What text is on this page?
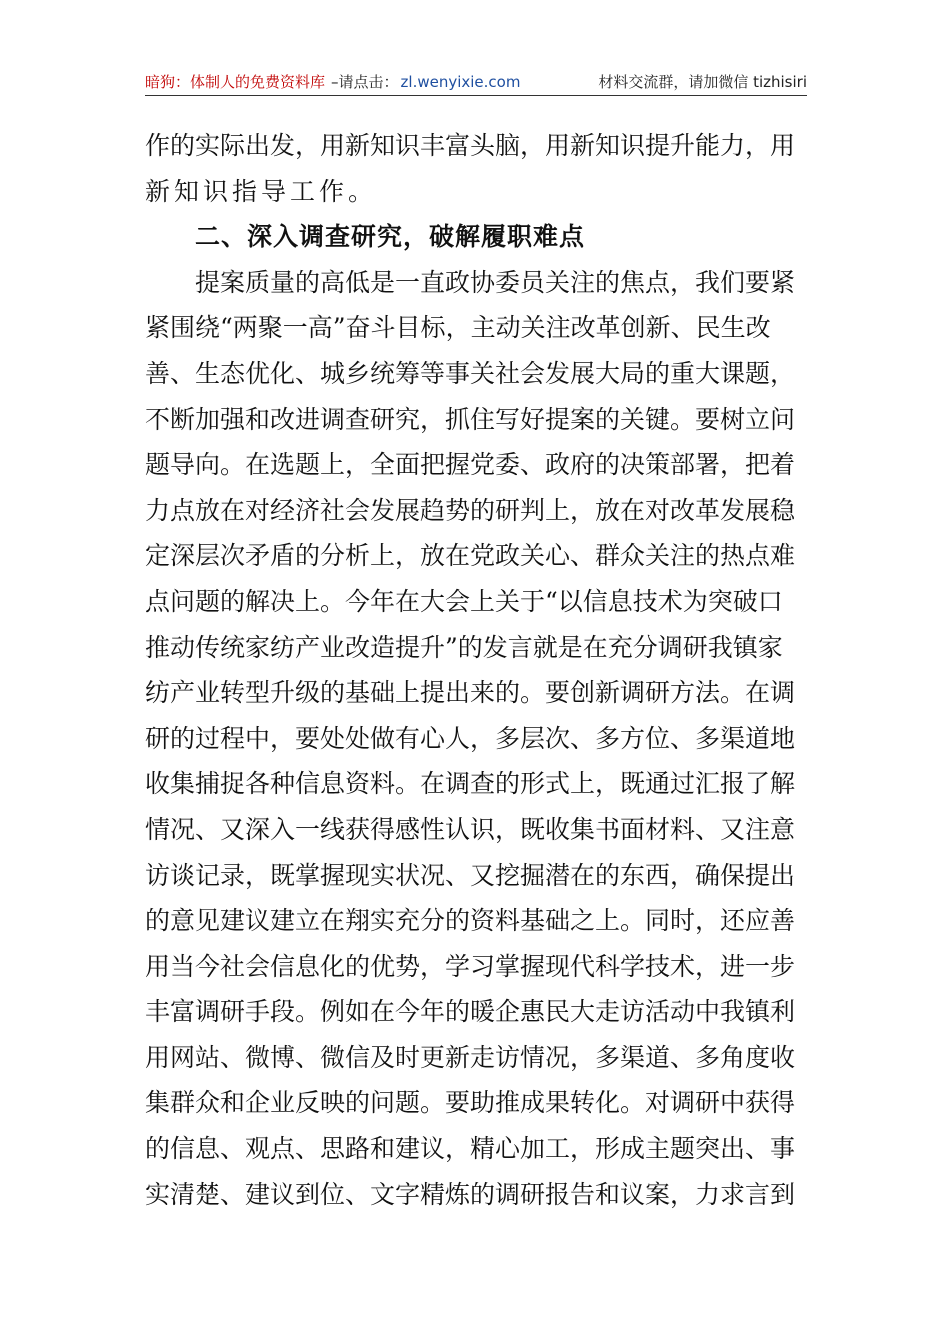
暗狗：体制人的免费资料库 –请点击： zl.wenyixie.com	材料交流群，请加微信 tizhisiri
作的实际出发，用新知识丰富头脑，用新知识提升能力，用
新知识指导工作。
二、深入调查研究，破解履职难点
提案质量的高低是一直政协委员关注的焦点，我们要紧
紧围绕“两聚一高”奋斗目标，主动关注改革创新、民生改
善、生态优化、城乡统筹等事关社会发展大局的重大课题，
不断加强和改进调查研究，抓住写好提案的关键。要树立问
题导向。在选题上，全面把握党委、政府的决策部署，把着
力点放在对经济社会发展趋势的研判上，放在对改革发展稳
定深层次矛盾的分析上，放在党政关心、群众关注的热点难
点问题的解决上。今年在大会上关于“以信息技术为突破口
推动传统家纺产业改造提升”的发言就是在充分调研我镇家
纺产业转型升级的基础上提出来的。要创新调研方法。在调
研的过程中，要处处做有心人，多层次、多方位、多渠道地
收集捕捉各种信息资料。在调查的形式上，既通过汇报了解
情况、又深入一线获得感性认识，既收集书面材料、又注意
访谈记录，既掌握现实状况、又挖掘潜在的东西，确保提出
的意见建议建立在翔实充分的资料基础之上。同时，还应善
用当今社会信息化的优势，学习掌握现代科学技术，进一步
丰富调研手段。例如在今年的暖企惠民大走访活动中我镇利
用网站、微博、微信及时更新走访情况，多渠道、多角度收
集群众和企业反映的问题。要助推成果转化。对调研中获得
的信息、观点、思路和建议，精心加工，形成主题突出、事
实清楚、建议到位、文字精炼的调研报告和议案，力求言到
